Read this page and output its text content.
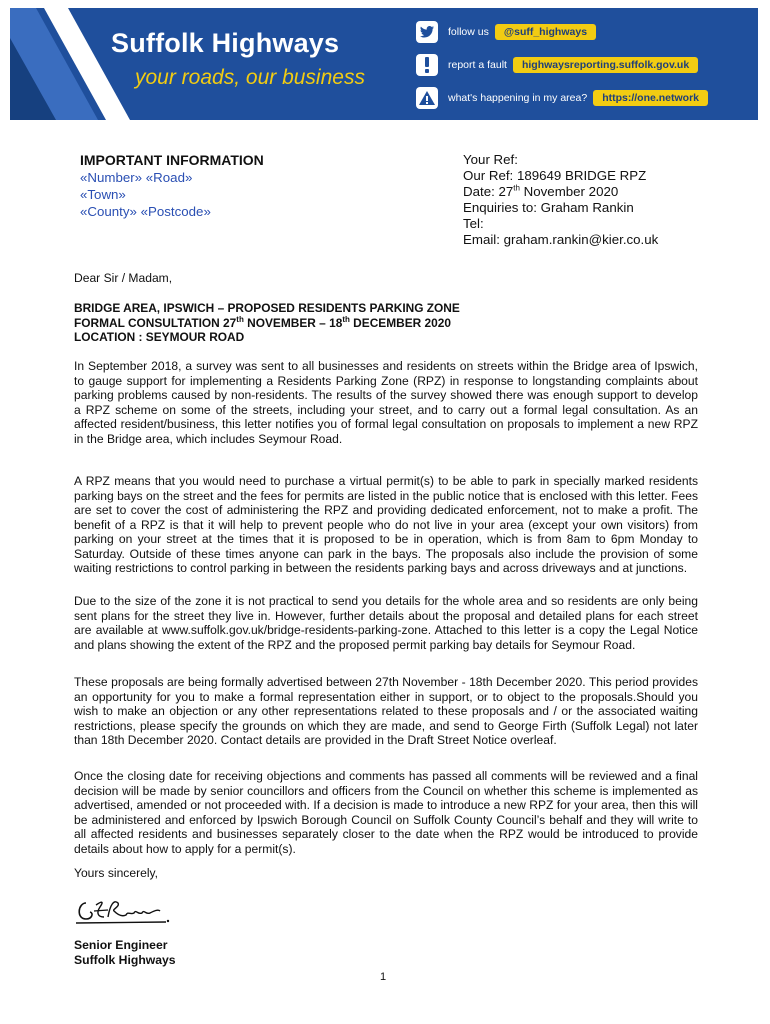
Suffolk Highways
your roads, our business
follow us	@suff_highways
report a fault	highwaysreporting.suffolk.gov.uk
what's happening in my area?	https://one.network
IMPORTANT INFORMATION
«Number» «Road»
«Town»
«County» «Postcode»
Your Ref:
Our Ref: 189649 BRIDGE RPZ
Date: 27th November 2020
Enquiries to: Graham Rankin
Tel:
Email: graham.rankin@kier.co.uk
Dear Sir / Madam,
BRIDGE AREA, IPSWICH – PROPOSED RESIDENTS PARKING ZONE
FORMAL CONSULTATION 27th NOVEMBER – 18th DECEMBER 2020
LOCATION : SEYMOUR ROAD

In September 2018, a survey was sent to all businesses and residents on streets within the Bridge area of Ipswich, to gauge support for implementing a Residents Parking Zone (RPZ) in response to longstanding complaints about parking problems caused by non-residents. The results of the survey showed there was enough support to develop a RPZ scheme on some of the streets, including your street, and to carry out a formal legal consultation. As an affected resident/business, this letter notifies you of formal legal consultation on proposals to implement a new RPZ in the Bridge area, which includes Seymour Road.

A RPZ means that you would need to purchase a virtual permit(s) to be able to park in specially marked residents parking bays on the street and the fees for permits are listed in the public notice that is enclosed with this letter. Fees are set to cover the cost of administering the RPZ and providing dedicated enforcement, not to make a profit. The benefit of a RPZ is that it will help to prevent people who do not live in your area (except your own visitors) from parking on your street at the times that it is proposed to be in operation, which is from 8am to 6pm Monday to Saturday. Outside of these times anyone can park in the bays. The proposals also include the provision of some waiting restrictions to control parking in between the residents parking bays and across driveways and at junctions.

Due to the size of the zone it is not practical to send you details for the whole area and so residents are only being sent plans for the street they live in. However, further details about the proposal and detailed plans for each street are available at www.suffolk.gov.uk/bridge-residents-parking-zone. Attached to this letter is a copy the Legal Notice and plans showing the extent of the RPZ and the proposed permit parking bay details for Seymour Road.

These proposals are being formally advertised between 27th November - 18th December 2020. This period provides an opportunity for you to make a formal representation either in support, or to object to the proposals.Should you wish to make an objection or any other representations related to these proposals and / or the associated waiting restrictions, please specify the grounds on which they are made, and send to George Firth (Suffolk Legal) not later than 18th December 2020. Contact details are provided in the Draft Street Notice overleaf.

Once the closing date for receiving objections and comments has passed all comments will be reviewed and a final decision will be made by senior councillors and officers from the Council on whether this scheme is implemented as advertised, amended or not proceeded with. If a decision is made to introduce a new RPZ for your area, then this will be administered and enforced by Ipswich Borough Council on Suffolk County Council’s behalf and they will write to all affected residents and businesses separately closer to the date when the RPZ would be introduced to provide details about how to apply for a permit(s).

Yours sincerely,
Senior Engineer
Suffolk Highways
1
